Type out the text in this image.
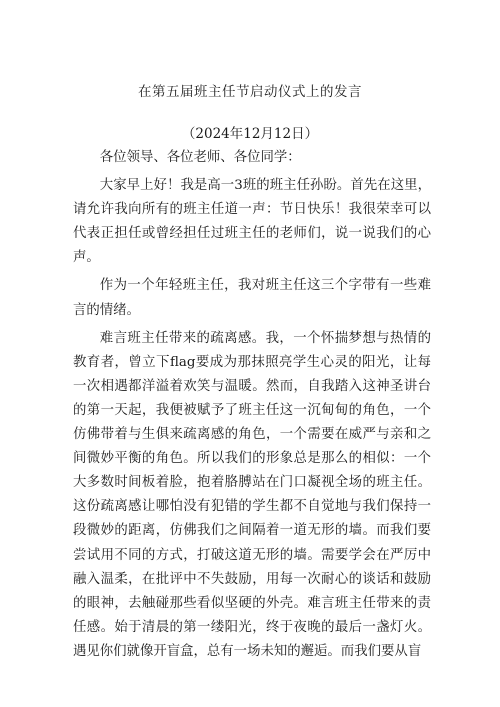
在第五届班主任节启动仪式上的发言
（2024年12月12日）

各位领导、各位老师、各位同学：

大家早上好！我是高一3班的班主任孙盼。首先在这里，请允许我向所有的班主任道一声：节日快乐！我很荣幸可以代表正担任或曾经担任过班主任的老师们，说一说我们的心声。

作为一个年轻班主任，我对班主任这三个字带有一些难言的情绪。

难言班主任带来的疏离感。我，一个怀揣梦想与热情的教育者，曾立下flag要成为那抹照亮学生心灵的阳光，让每一次相遇都洋溢着欢笑与温暖。然而，自我踏入这神圣讲台的第一天起，我便被赋予了班主任这一沉甸甸的角色，一个仿佛带着与生俱来疏离感的角色，一个需要在威严与亲和之间微妙平衡的角色。所以我们的形象总是那么的相似：一个大多数时间板着脸，抱着胳膊站在门口凝视全场的班主任。这份疏离感让哪怕没有犯错的学生都不自觉地与我们保持一段微妙的距离，仿佛我们之间隔着一道无形的墙。而我们要尝试用不同的方式，打破这道无形的墙。需要学会在严厉中融入温柔，在批评中不失鼓励，用每一次耐心的谈话和鼓励的眼神，去触碰那些看似坚硬的外壳。难言班主任带来的责任感。始于清晨的第一缕阳光，终于夜晚的最后一盏灯火。遇见你们就像开盲盒，总有一场未知的邂逅。而我们要从盲
